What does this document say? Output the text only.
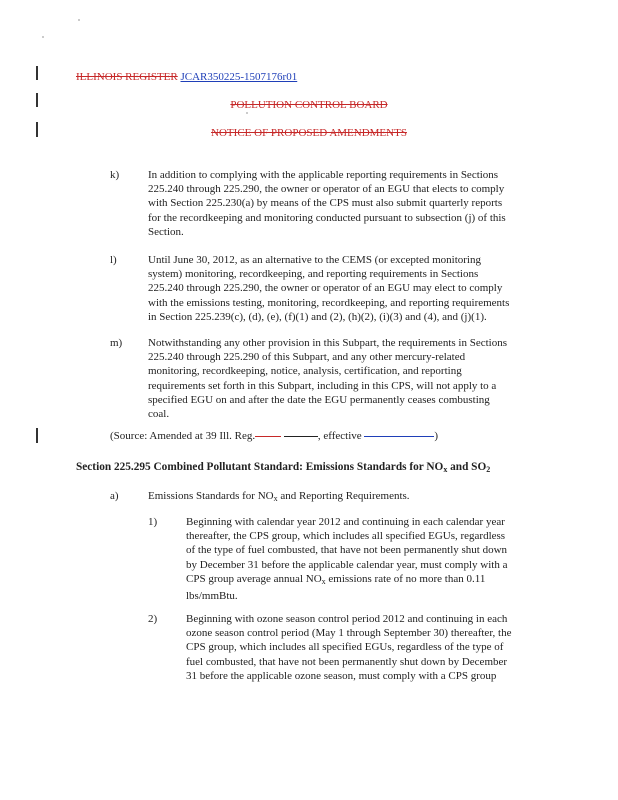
ILLINOIS REGISTER JCAR350225-1507176r01
POLLUTION CONTROL BOARD
NOTICE OF PROPOSED AMENDMENTS
k)	In addition to complying with the applicable reporting requirements in Sections
225.240 through 225.290, the owner or operator of an EGU that elects to comply
with Section 225.230(a) by means of the CPS must also submit quarterly reports
for the recordkeeping and monitoring conducted pursuant to subsection (j) of this
Section.
l)	Until June 30, 2012, as an alternative to the CEMS (or excepted monitoring
system) monitoring, recordkeeping, and reporting requirements in Sections
225.240 through 225.290, the owner or operator of an EGU may elect to comply
with the emissions testing, monitoring, recordkeeping, and reporting requirements
in Section 225.239(c), (d), (e), (f)(1) and (2), (h)(2), (i)(3) and (4), and (j)(1).
m) Notwithstanding any other provision in this Subpart, the requirements in Sections
225.240 through 225.290 of this Subpart, and any other mercury-related
monitoring, recordkeeping, notice, analysis, certification, and reporting
requirements set forth in this Subpart, including in this CPS, will not apply to a
specified EGU on and after the date the EGU permanently ceases combusting
coal.
(Source: Amended at 39 Ill. Reg.	, effective	)
Section 225.295 Combined Pollutant Standard: Emissions Standards for $NO_x$ and $SO_2$
a)	Emissions Standards for $NO_x$ and Reporting Requirements.
1)	Beginning with calendar year 2012 and continuing in each calendar year
thereafter, the CPS group, which includes all specified EGUs, regardless
of the type of fuel combusted, that have not been permanently shut down
by December 31 before the applicable calendar year, must comply with a
CPS group average annual $NO_x$ emissions rate of no more than 0.11
lbs/mmBtu.
2)	Beginning with ozone season control period 2012 and continuing in each
ozone season control period (May 1 through September 30) thereafter, the
CPS group, which includes all specified EGUs, regardless of the type of
fuel combusted, that have not been permanently shut down by December
31 before the applicable ozone season, must comply with a CPS group
